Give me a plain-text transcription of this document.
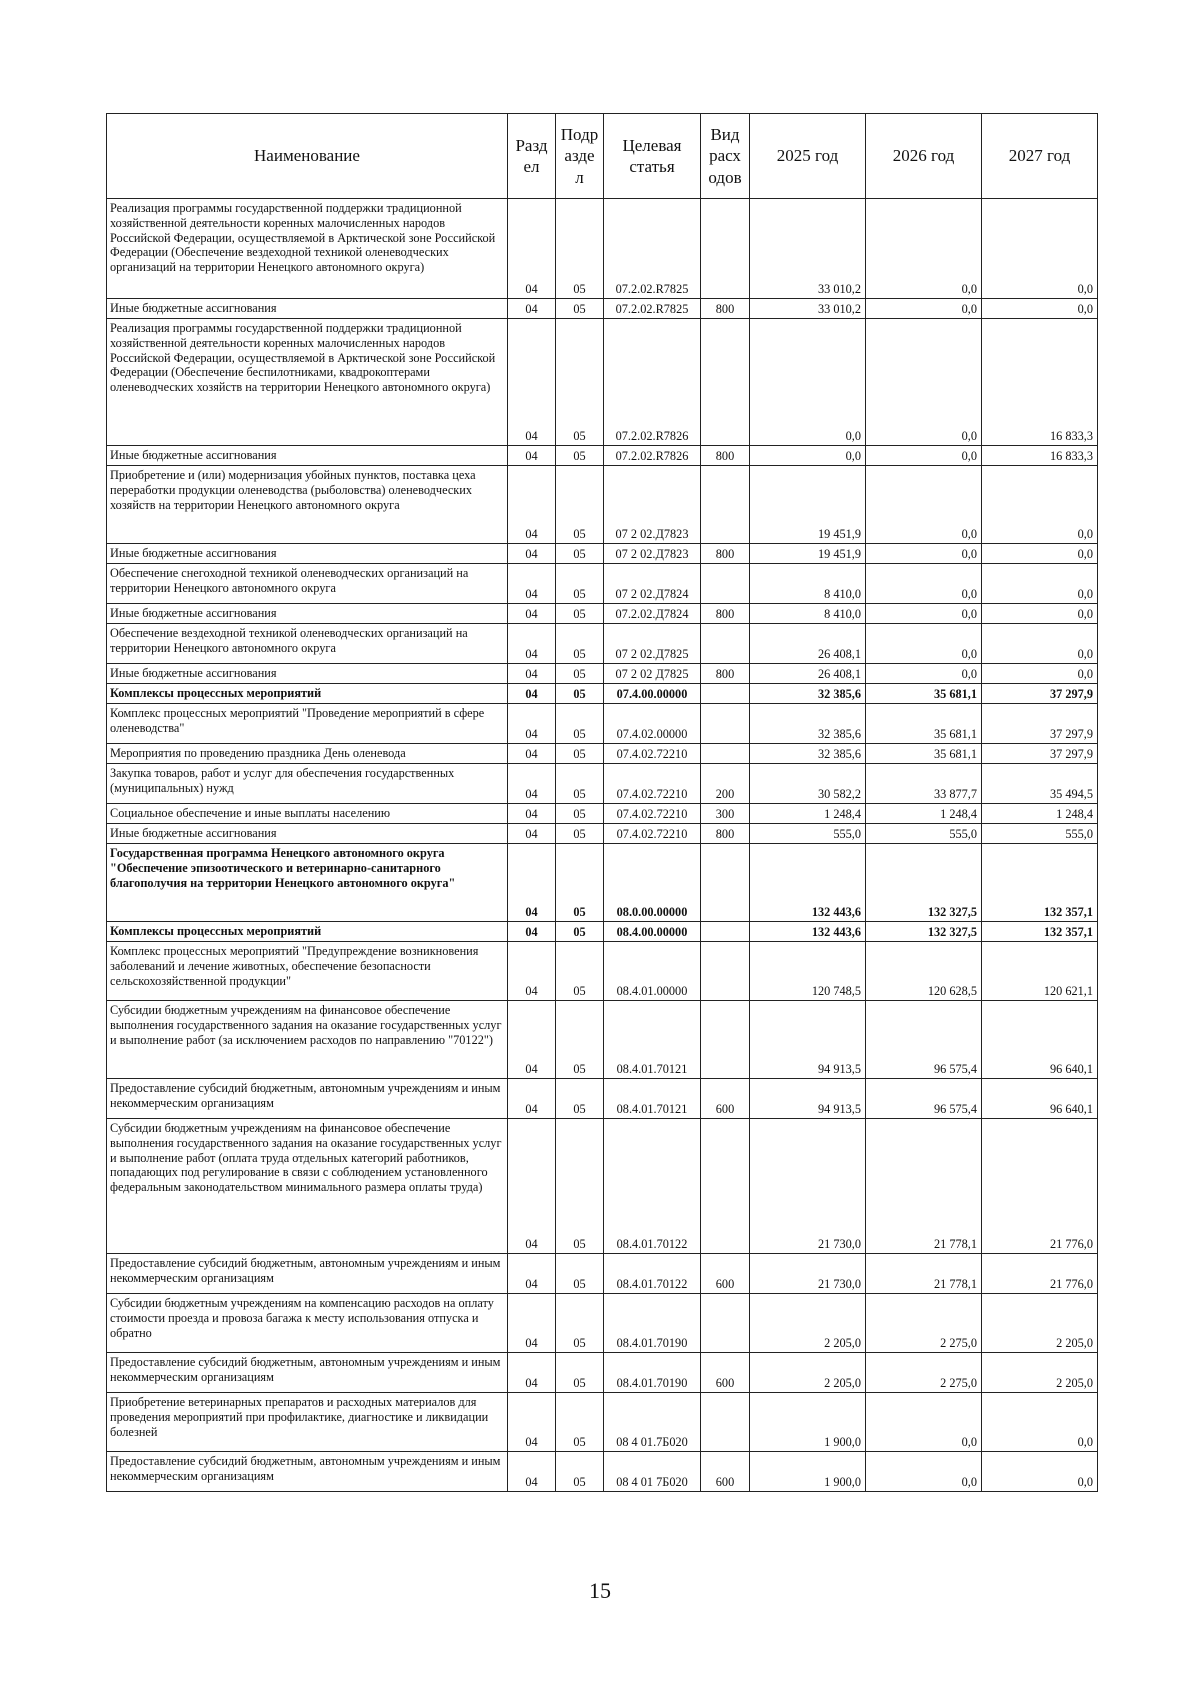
Наименование	Разд ел	Подр азде л	Целевая статья	Вид расх одов	2025 год	2026 год	2027 год
Реализация программы государственной поддержки традиционной хозяйственной деятельности коренных малочисленных народов Российской Федерации, осуществляемой в Арктической зоне Российской Федерации (Обеспечение вездеходной техникой оленеводческих организаций на территории Ненецкого автономного округа)	04	05	07.2.02.R7825		33 010,2	0,0	0,0
Иные бюджетные ассигнования	04	05	07.2.02.R7825	800	33 010,2	0,0	0,0
Реализация программы государственной поддержки традиционной хозяйственной деятельности коренных малочисленных народов Российской Федерации, осуществляемой в Арктической зоне Российской Федерации (Обеспечение беспилотниками, квадрокоптерами оленеводческих хозяйств на территории Ненецкого автономного округа)	04	05	07.2.02.R7826		0,0	0,0	16 833,3
Иные бюджетные ассигнования	04	05	07.2.02.R7826	800	0,0	0,0	16 833,3
Приобретение и (или) модернизация убойных пунктов, поставка цеха переработки продукции оленеводства (рыболовства) оленеводческих хозяйств на территории Ненецкого автономного округа	04	05	07 2 02.Д7823		19 451,9	0,0	0,0
Иные бюджетные ассигнования	04	05	07 2 02.Д7823	800	19 451,9	0,0	0,0
Обеспечение снегоходной техникой оленеводческих организаций на территории Ненецкого автономного округа	04	05	07 2 02.Д7824		8 410,0	0,0	0,0
Иные бюджетные ассигнования	04	05	07.2.02.Д7824	800	8 410,0	0,0	0,0
Обеспечение вездеходной техникой оленеводческих организаций на территории Ненецкого автономного округа	04	05	07 2 02.Д7825		26 408,1	0,0	0,0
Иные бюджетные ассигнования	04	05	07 2 02 Д7825	800	26 408,1	0,0	0,0
Комплексы процессных мероприятий	04	05	07.4.00.00000		32 385,6	35 681,1	37 297,9
Комплекс процессных мероприятий "Проведение мероприятий в сфере оленеводства"	04	05	07.4.02.00000		32 385,6	35 681,1	37 297,9
Мероприятия по проведению праздника День оленевода	04	05	07.4.02.72210		32 385,6	35 681,1	37 297,9
Закупка товаров, работ и услуг для обеспечения государственных (муниципальных) нужд	04	05	07.4.02.72210	200	30 582,2	33 877,7	35 494,5
Социальное обеспечение и иные выплаты населению	04	05	07.4.02.72210	300	1 248,4	1 248,4	1 248,4
Иные бюджетные ассигнования	04	05	07.4.02.72210	800	555,0	555,0	555,0
Государственная программа Ненецкого автономного округа "Обеспечение эпизоотического и ветеринарно-санитарного благополучия на территории Ненецкого автономного округа"	04	05	08.0.00.00000		132 443,6	132 327,5	132 357,1
Комплексы процессных мероприятий	04	05	08.4.00.00000		132 443,6	132 327,5	132 357,1
Комплекс процессных мероприятий "Предупреждение возникновения заболеваний и лечение животных, обеспечение безопасности сельскохозяйственной продукции"	04	05	08.4.01.00000		120 748,5	120 628,5	120 621,1
Субсидии бюджетным учреждениям на финансовое обеспечение выполнения государственного задания на оказание государственных услуг и выполнение работ (за исключением расходов по направлению "70122")	04	05	08.4.01.70121		94 913,5	96 575,4	96 640,1
Предоставление субсидий бюджетным, автономным учреждениям и иным некоммерческим организациям	04	05	08.4.01.70121	600	94 913,5	96 575,4	96 640,1
Субсидии бюджетным учреждениям на финансовое обеспечение выполнения государственного задания на оказание государственных услуг и выполнение работ (оплата труда отдельных категорий работников, попадающих под регулирование в связи с соблюдением установленного федеральным законодательством минимального размера оплаты труда)	04	05	08.4.01.70122		21 730,0	21 778,1	21 776,0
Предоставление субсидий бюджетным, автономным учреждениям и иным некоммерческим организациям	04	05	08.4.01.70122	600	21 730,0	21 778,1	21 776,0
Субсидии бюджетным учреждениям на компенсацию расходов на оплату стоимости проезда и провоза багажа к месту использования отпуска и обратно	04	05	08.4.01.70190		2 205,0	2 275,0	2 205,0
Предоставление субсидий бюджетным, автономным учреждениям и иным некоммерческим организациям	04	05	08.4.01.70190	600	2 205,0	2 275,0	2 205,0
Приобретение ветеринарных препаратов и расходных материалов для проведения мероприятий при профилактике, диагностике и ликвидации болезней	04	05	08 4 01.7Б020		1 900,0	0,0	0,0
Предоставление субсидий бюджетным, автономным учреждениям и иным некоммерческим организациям	04	05	08 4 01 7Б020	600	1 900,0	0,0	0,0
15
